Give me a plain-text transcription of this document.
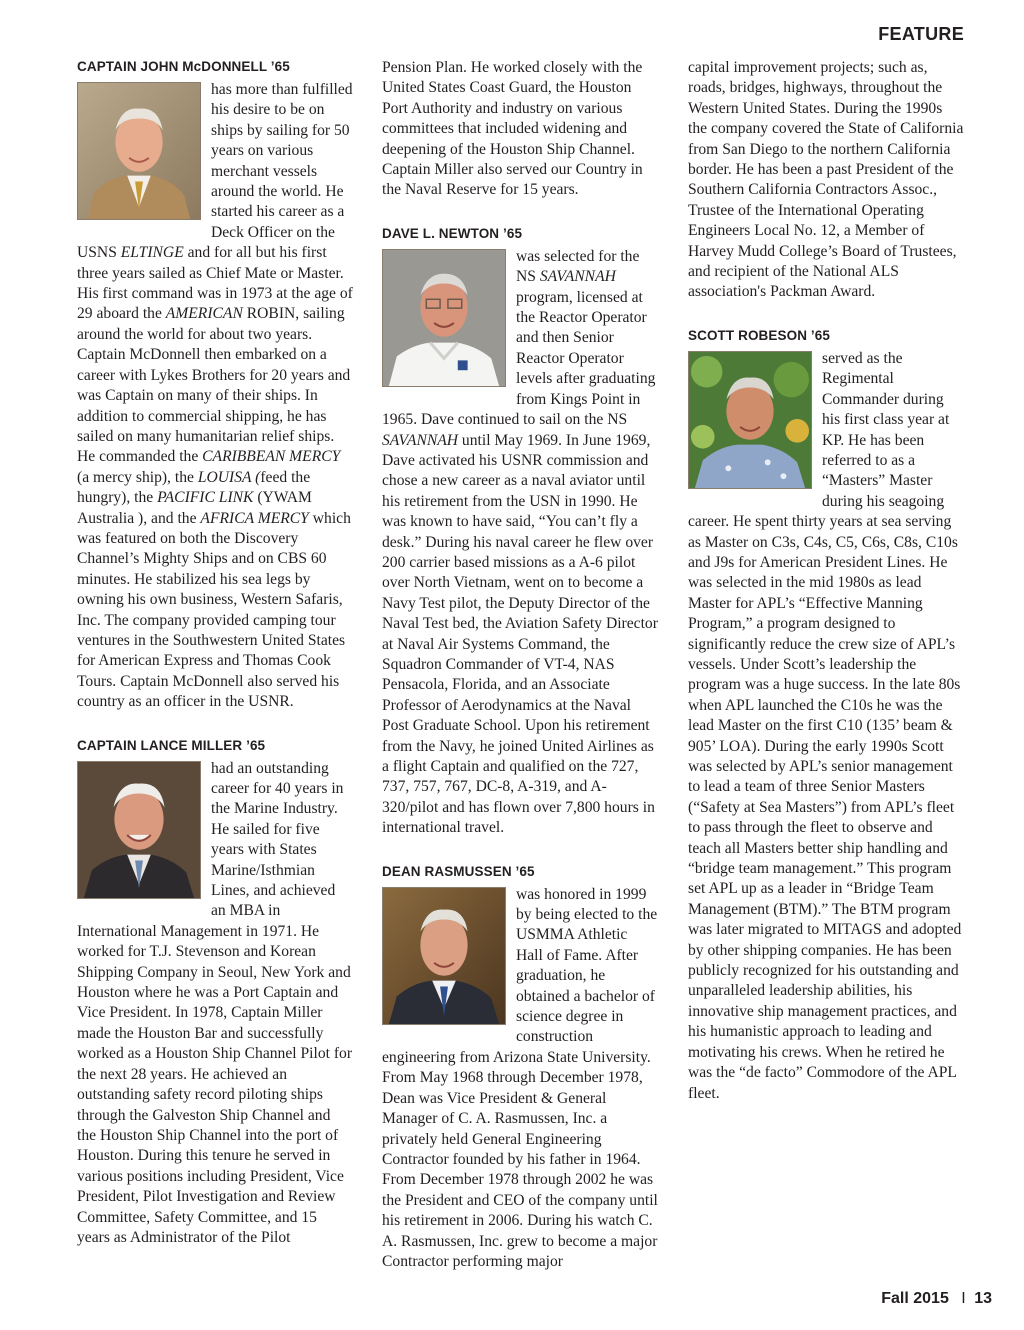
FEATURE
CAPTAIN JOHN McDONNELL ’65

has more than fulfilled his desire to be on ships by sailing for 50 years on various merchant vessels around the world. He started his career as a Deck Officer on the USNS ELTINGE and for all but his first three years sailed as Chief Mate or Master. His first command was in 1973 at the age of 29 aboard the AMERICAN ROBIN, sailing around the world for about two years. Captain McDonnell then embarked on a career with Lykes Brothers for 20 years and was Captain on many of their ships. In addition to commercial shipping, he has sailed on many humanitarian relief ships. He commanded the CARIBBEAN MERCY (a mercy ship), the LOUISA (feed the hungry), the PACIFIC LINK (YWAM Australia ), and the AFRICA MERCY which was featured on both the Discovery Channel’s Mighty Ships and on CBS 60 minutes. He stabilized his sea legs by owning his own business, Western Safaris, Inc. The company provided camping tour ventures in the Southwestern United States for American Express and Thomas Cook Tours. Captain McDonnell also served his country as an officer in the USNR.

CAPTAIN LANCE MILLER ’65

had an outstanding career for 40 years in the Marine Industry. He sailed for five years with States Marine/Isthmian Lines, and achieved an MBA in International Management in 1971. He worked for T.J. Stevenson and Korean Shipping Company in Seoul, New York and Houston where he was a Port Captain and Vice President. In 1978, Captain Miller made the Houston Bar and successfully worked as a Houston Ship Channel Pilot for the next 28 years. He achieved an outstanding safety record piloting ships through the Galveston Ship Channel and the Houston Ship Channel into the port of Houston. During this tenure he served in various positions including President, Vice President, Pilot Investigation and Review Committee, Safety Committee, and 15 years as Administrator of the Pilot

Pension Plan. He worked closely with the United States Coast Guard, the Houston Port Authority and industry on various committees that included widening and deepening of the Houston Ship Channel. Captain Miller also served our Country in the Naval Reserve for 15 years.

DAVE L. NEWTON ’65

was selected for the NS SAVANNAH program, licensed at the Reactor Operator and then Senior Reactor Operator levels after graduating from Kings Point in 1965. Dave continued to sail on the NS SAVANNAH until May 1969. In June 1969, Dave activated his USNR commission and chose a new career as a naval aviator until his retirement from the USN in 1990. He was known to have said, “You can’t fly a desk.” During his naval career he flew over 200 carrier based missions as a A-6 pilot over North Vietnam, went on to become a Navy Test pilot, the Deputy Director of the Naval Test bed, the Aviation Safety Director at Naval Air Systems Command, the Squadron Commander of VT-4, NAS Pensacola, Florida, and an Associate Professor of Aerodynamics at the Naval Post Graduate School. Upon his retirement from the Navy, he joined United Airlines as a flight Captain and qualified on the 727, 737, 757, 767, DC-8, A-319, and A-320/pilot and has flown over 7,800 hours in international travel.

DEAN RASMUSSEN ’65

was honored in 1999 by being elected to the USMMA Athletic Hall of Fame. After graduation, he obtained a bachelor of science degree in construction engineering from Arizona State University. From May 1968 through December 1978, Dean was Vice President & General Manager of C. A. Rasmussen, Inc. a privately held General Engineering Contractor founded by his father in 1964. From December 1978 through 2002 he was the President and CEO of the company until his retirement in 2006. During his watch C. A. Rasmussen, Inc. grew to become a major Contractor performing major

capital improvement projects; such as, roads, bridges, highways, throughout the Western United States. During the 1990s the company covered the State of California from San Diego to the northern California border. He has been a past President of the Southern California Contractors Assoc., Trustee of the International Operating Engineers Local No. 12, a Member of Harvey Mudd College’s Board of Trustees, and recipient of the National ALS association's Packman Award.

SCOTT ROBESON ’65

served as the Regimental Commander during his first class year at KP. He has been referred to as a “Masters” Master during his seagoing career. He spent thirty years at sea serving as Master on C3s, C4s, C5, C6s, C8s, C10s and J9s for American President Lines. He was selected in the mid 1980s as lead Master for APL’s “Effective Manning Program,” a program designed to significantly reduce the crew size of APL’s vessels. Under Scott’s leadership the program was a huge success. In the late 80s when APL launched the C10s he was the lead Master on the first C10 (135’ beam & 905’ LOA). During the early 1990s Scott was selected by APL’s senior management to lead a team of three Senior Masters (“Safety at Sea Masters”) from APL’s fleet to pass through the fleet to observe and teach all Masters better ship handling and “bridge team management.” This program set APL up as a leader in “Bridge Team Management (BTM).” The BTM program was later migrated to MITAGS and adopted by other shipping companies. He has been publicly recognized for his outstanding and unparalleled leadership abilities, his innovative ship management practices, and his humanistic approach to leading and motivating his crews. When he retired he was the “de facto” Commodore of the APL fleet.

Fall 2015 I 13
